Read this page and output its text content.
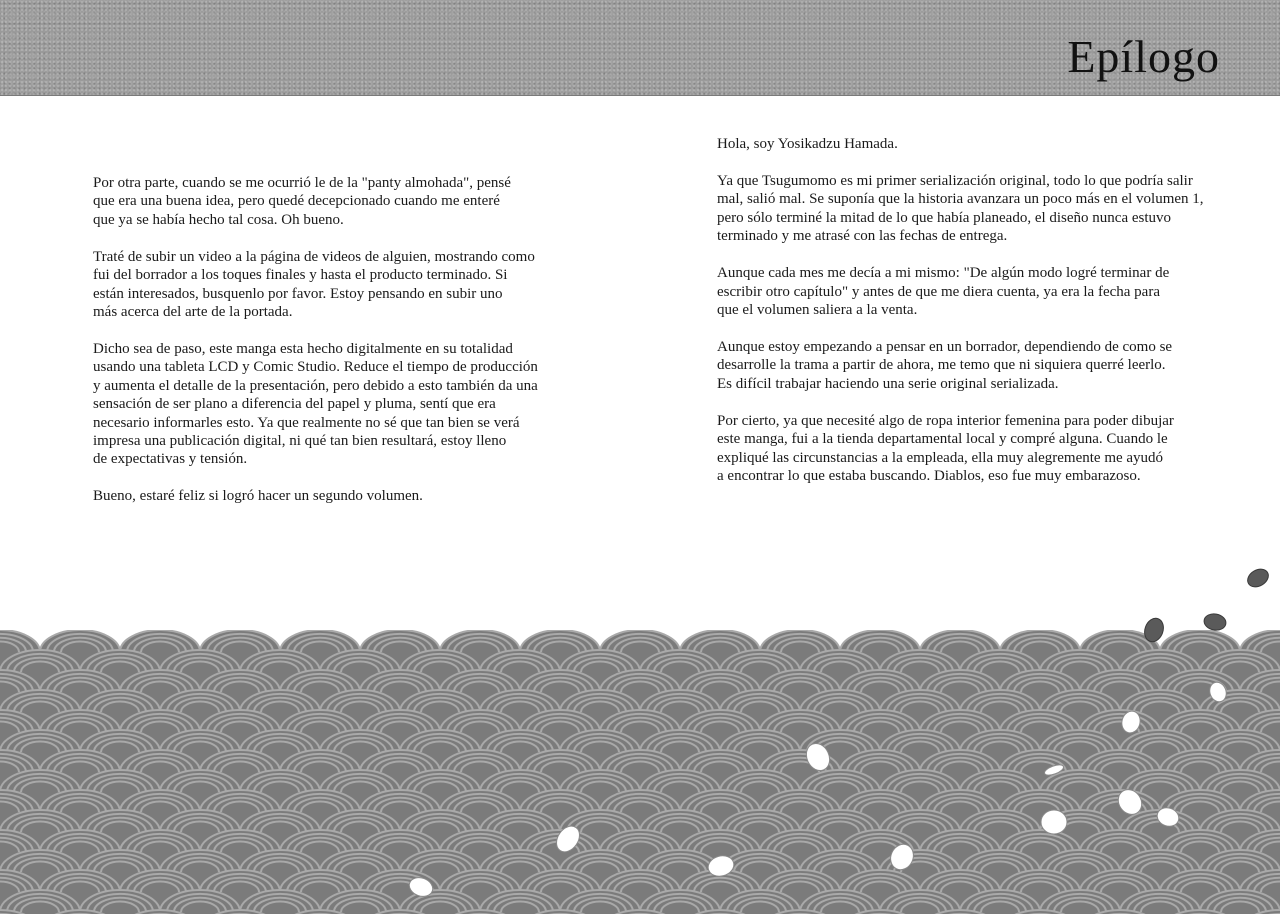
Epílogo

Por otra parte, cuando se me ocurrió le de la "panty almohada", pensé
que era una buena idea, pero quedé decepcionado cuando me enteré
que ya se había hecho tal cosa. Oh bueno.

Traté de subir un video a la página de videos de alguien, mostrando como
fui del borrador a los toques finales y hasta el producto terminado. Si
están interesados, busquenlo por favor. Estoy pensando en subir uno
más acerca del arte de la portada.

Dicho sea de paso, este manga esta hecho digitalmente en su totalidad
usando una tableta LCD y Comic Studio. Reduce el tiempo de producción
y aumenta el detalle de la presentación, pero debido a esto también da una
sensación de ser plano a diferencia del papel y pluma, sentí que era
necesario informarles esto. Ya que realmente no sé que tan bien se verá
impresa una publicación digital, ni qué tan bien resultará, estoy lleno
de expectativas y tensión.

Bueno, estaré feliz si logró hacer un segundo volumen.

Hola, soy Yosikadzu Hamada.

Ya que Tsugumomo es mi primer serialización original, todo lo que podría salir
mal, salió mal. Se suponía que la historia avanzara un poco más en el volumen 1,
pero sólo terminé la mitad de lo que había planeado, el diseño nunca estuvo
terminado y me atrasé con las fechas de entrega.

Aunque cada mes me decía a mi mismo: "De algún modo logré terminar de
escribir otro capítulo" y antes de que me diera cuenta, ya era la fecha para
que el volumen saliera a la venta.

Aunque estoy empezando a pensar en un borrador, dependiendo de como se
desarrolle la trama a partir de ahora, me temo que ni siquiera querré leerlo.
Es difícil trabajar haciendo una serie original serializada.

Por cierto, ya que necesité algo de ropa interior femenina para poder dibujar
este manga, fui a la tienda departamental local y compré alguna. Cuando le
expliqué las circunstancias a la empleada, ella muy alegremente me ayudó
a encontrar lo que estaba buscando. Diablos, eso fue muy embarazoso.
